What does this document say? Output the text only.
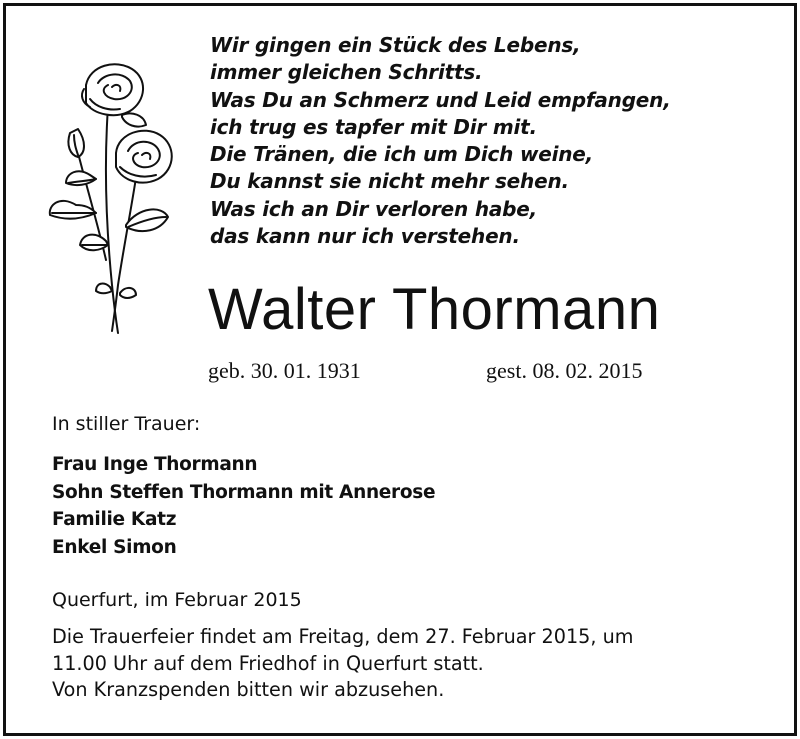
Wir gingen ein Stück des Lebens,
immer gleichen Schritts.
Was Du an Schmerz und Leid empfangen,
ich trug es tapfer mit Dir mit.
Die Tränen, die ich um Dich weine,
Du kannst sie nicht mehr sehen.
Was ich an Dir verloren habe,
das kann nur ich verstehen.
Walter Thormann
geb. 30. 01. 1931	gest. 08. 02. 2015
In stiller Trauer:
Frau Inge Thormann
Sohn Steffen Thormann mit Annerose
Familie Katz
Enkel Simon
Querfurt, im Februar 2015
Die Trauerfeier findet am Freitag, dem 27. Februar 2015, um
11.00 Uhr auf dem Friedhof in Querfurt statt.
Von Kranzspenden bitten wir abzusehen.
